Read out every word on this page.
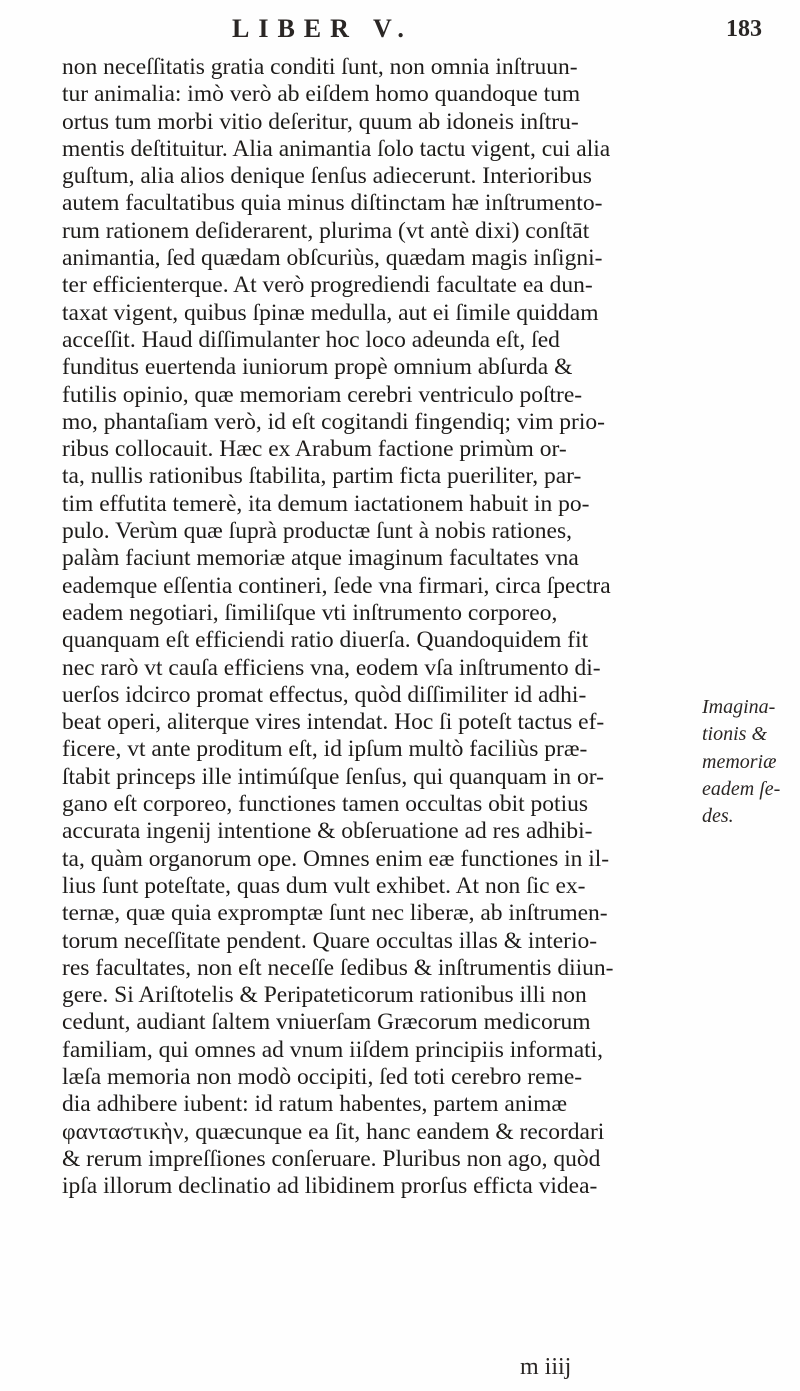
LIBER V.	183
non neceſſitatis gratia conditi ſunt, non omnia inſtruun-
tur animalia: imò verò ab eiſdem homo quandoque tum
ortus tum morbi vitio deſeritur, quum ab idoneis inſtru-
mentis deſtituitur. Alia animantia ſolo tactu vigent, cui alia
guſtum, alia alios denique ſenſus adiecerunt. Interioribus
autem facultatibus quia minus diſtinctam hæ inſtrumento-
rum rationem deſiderarent, plurima (vt antè dixi) conſtāt
animantia, ſed quædam obſcuriùs, quædam magis inſigni-
ter efficienterque. At verò progrediendi facultate ea dun-
taxat vigent, quibus ſpinæ medulla, aut ei ſimile quiddam
acceſſit. Haud diſſimulanter hoc loco adeunda eſt, ſed
funditus euertenda iuniorum propè omnium abſurda &
futilis opinio, quæ memoriam cerebri ventriculo poſtre-
mo, phantaſiam verò, id eſt cogitandi fingendiq; vim prio-
ribus collocauit. Hæc ex Arabum factione primùm or-
ta, nullis rationibus ſtabilita, partim ficta pueriliter, par-
tim effutita temerè, ita demum iactationem habuit in po-
pulo. Verùm quæ ſuprà productæ ſunt à nobis rationes,
palàm faciunt memoriæ atque imaginum facultates vna
eademque eſſentia contineri, ſede vna firmari, circa ſpectra
eadem negotiari, ſimiliſque vti inſtrumento corporeo,
quanquam eſt efficiendi ratio diuerſa. Quandoquidem fit
nec rarò vt cauſa efficiens vna, eodem vſa inſtrumento di-
uerſos idcirco promat effectus, quòd diſſimiliter id adhi-
beat operi, aliterque vires intendat. Hoc ſi poteſt tactus ef-
ficere, vt ante proditum eſt, id ipſum multò faciliùs præ-
ſtabit princeps ille intimúſque ſenſus, qui quanquam in or-
gano eſt corporeo, functiones tamen occultas obit potius
accurata ingenij intentione & obſeruatione ad res adhibi-
ta, quàm organorum ope. Omnes enim eæ functiones in il-
lius ſunt poteſtate, quas dum vult exhibet. At non ſic ex-
ternæ, quæ quia expromptæ ſunt nec liberæ, ab inſtrumen-
torum neceſſitate pendent. Quare occultas illas & interio-
res facultates, non eſt neceſſe ſedibus & inſtrumentis diiun-
gere. Si Ariſtotelis & Peripateticorum rationibus illi non
cedunt, audiant ſaltem vniuerſam Græcorum medicorum
familiam, qui omnes ad vnum iiſdem principiis informati,
læſa memoria non modò occipiti, ſed toti cerebro reme-
dia adhibere iubent: id ratum habentes, partem animæ
φανταστικὴν, quæcunque ea ſit, hanc eandem & recordari
& rerum impreſſiones conſeruare. Pluribus non ago, quòd
ipſa illorum declinatio ad libidinem prorſus efficta videa-
Imagina-
tionis &
memoriæ
eadem ſe-
des.
m iiij
